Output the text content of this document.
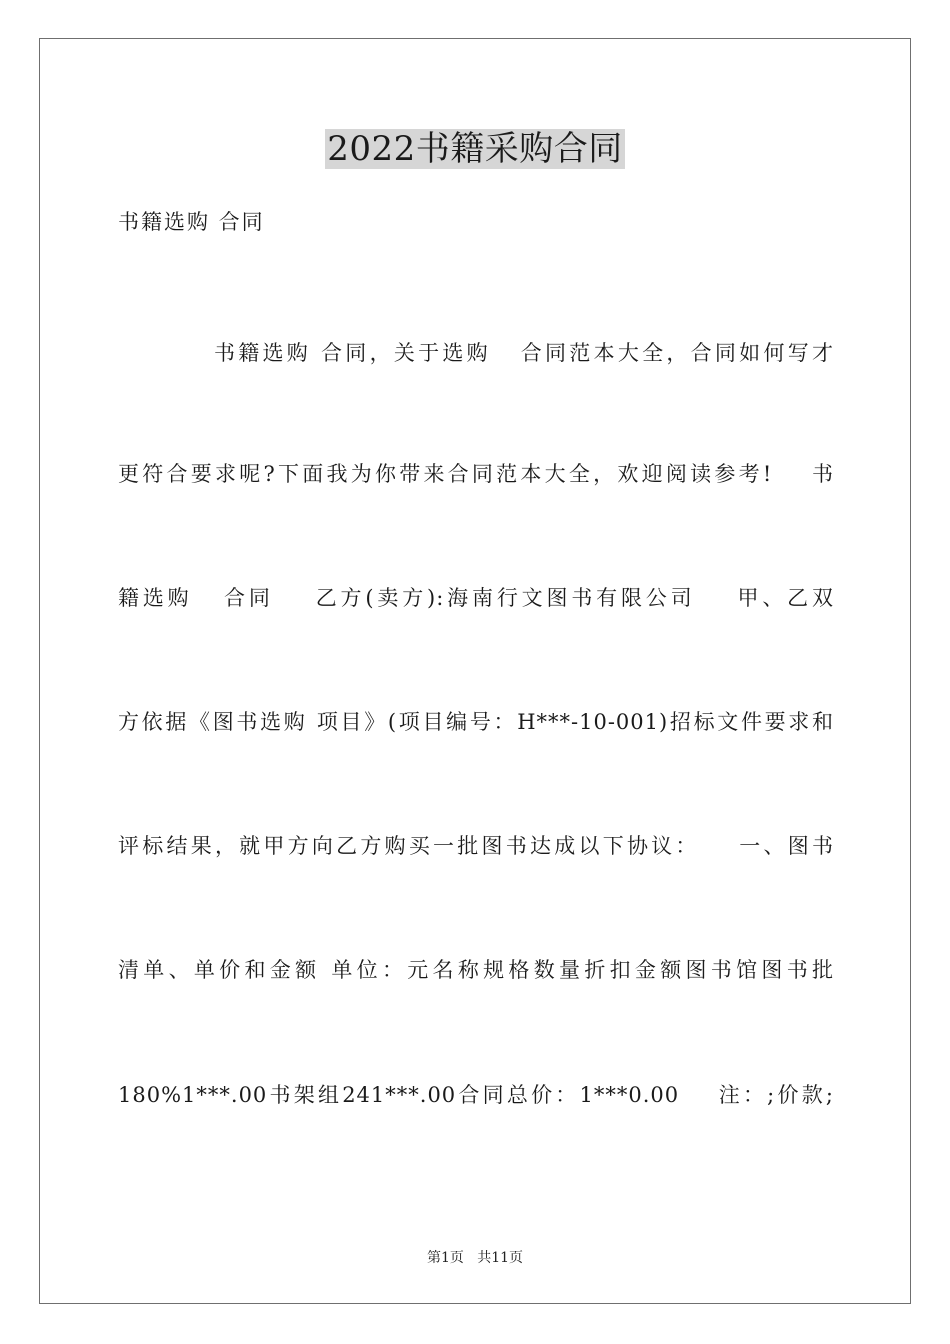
2022书籍采购合同
书籍选购 合同
书籍选购 合同，关于选购   合同范本大全，合同如何写才
更符合要求呢?下面我为你带来合同范本大全，欢迎阅读参考!    书
籍选购   合同    乙方(卖方):海南行文图书有限公司    甲、乙双
方依据《图书选购 项目》(项目编号：H***-10-001)招标文件要求和
评标结果，就甲方向乙方购买一批图书达成以下协议：    一、图书
清单、单价和金额 单位：元名称规格数量折扣金额图书馆图书批
180%1***.00书架组241***.00合同总价：1***0.00    注：;价款;
第1页   共11页
